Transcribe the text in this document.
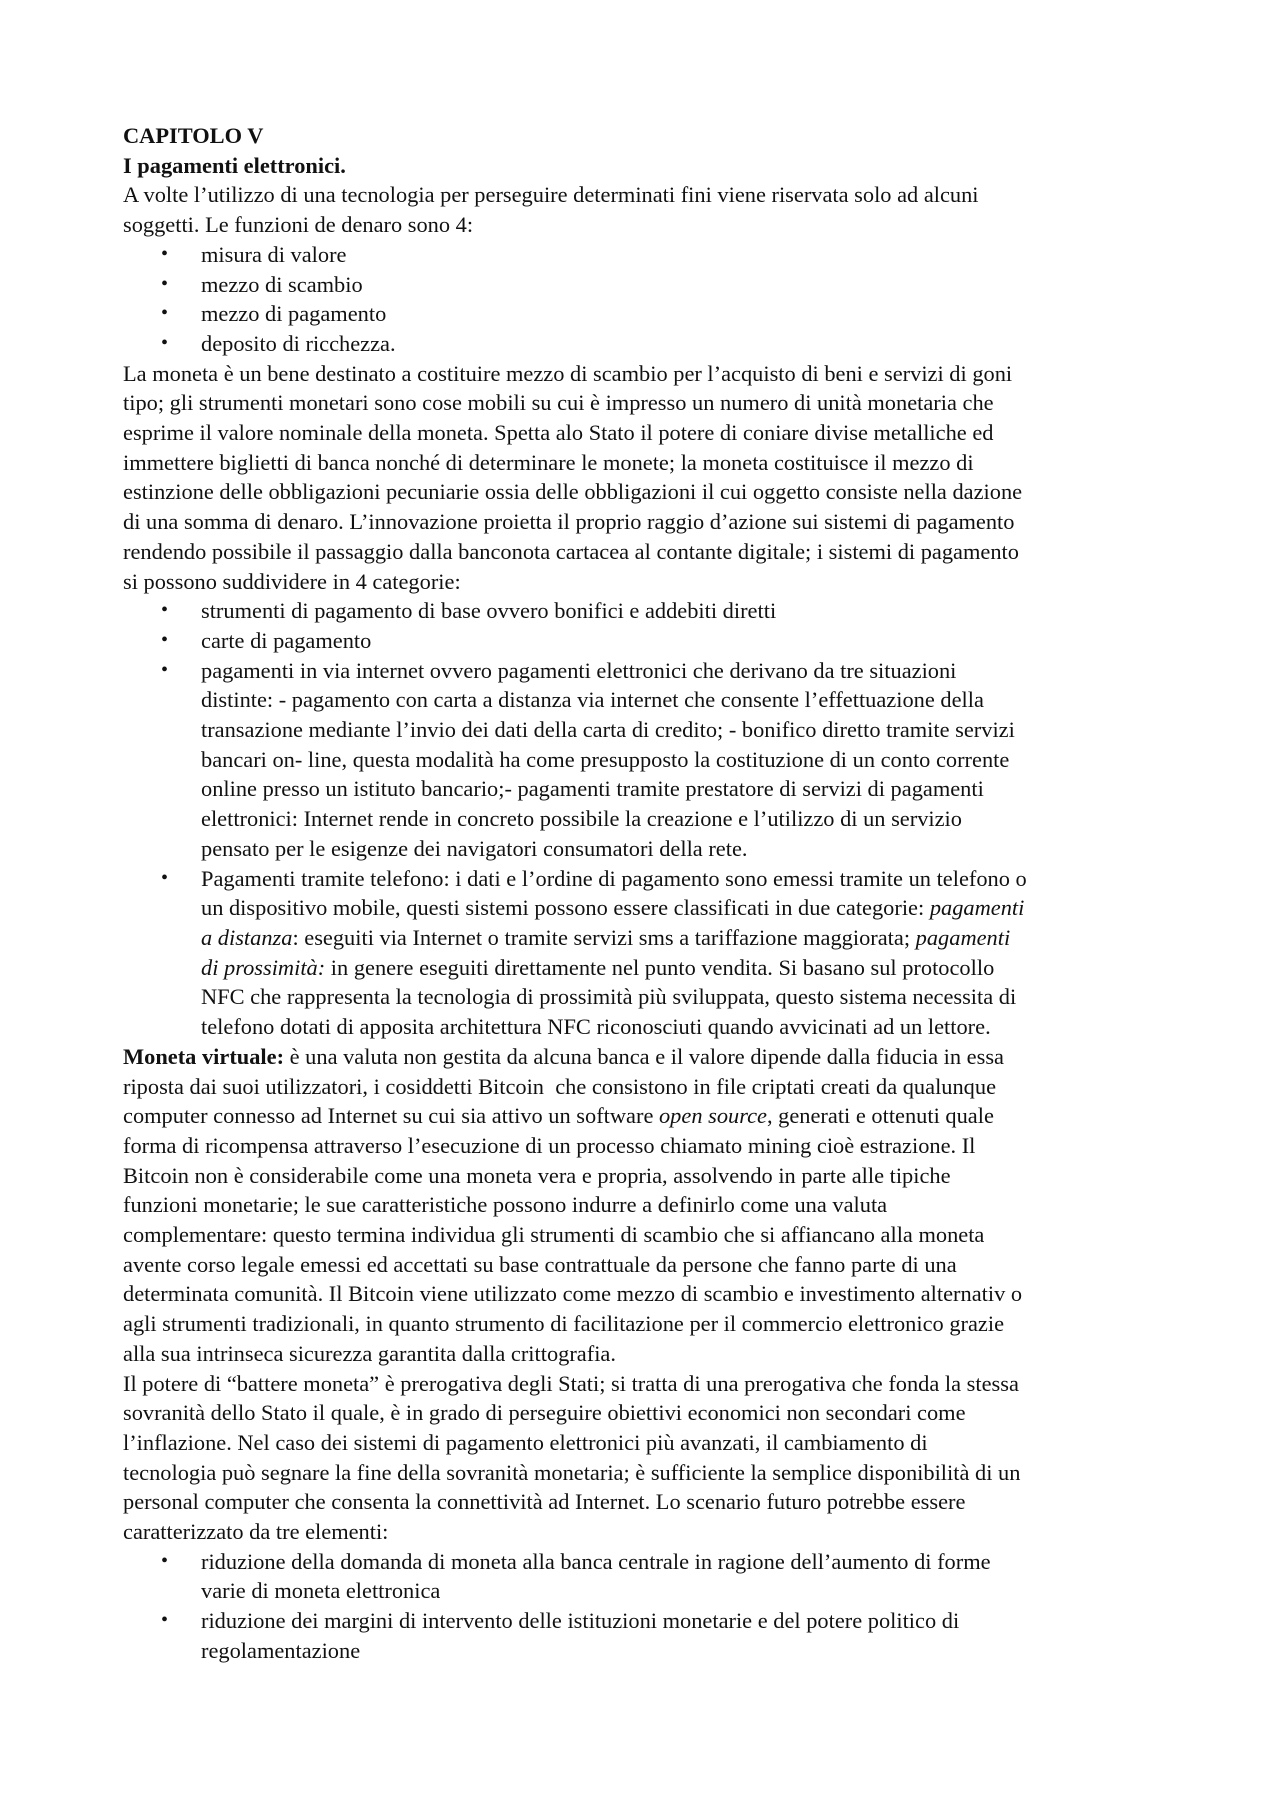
CAPITOLO V
I pagamenti elettronici.
A volte l’utilizzo di una tecnologia per perseguire determinati fini viene riservata solo ad alcuni
soggetti. Le funzioni de denaro sono 4:
• misura di valore
• mezzo di scambio
• mezzo di pagamento
• deposito di ricchezza.
La moneta è un bene destinato a costituire mezzo di scambio per l’acquisto di beni e servizi di goni
tipo; gli strumenti monetari sono cose mobili su cui è impresso un numero di unità monetaria che
esprime il valore nominale della moneta. Spetta alo Stato il potere di coniare divise metalliche ed
immettere biglietti di banca nonché di determinare le monete; la moneta costituisce il mezzo di
estinzione delle obbligazioni pecuniarie ossia delle obbligazioni il cui oggetto consiste nella dazione
di una somma di denaro. L’innovazione proietta il proprio raggio d’azione sui sistemi di pagamento
rendendo possibile il passaggio dalla banconota cartacea al contante digitale; i sistemi di pagamento
si possono suddividere in 4 categorie:
• strumenti di pagamento di base ovvero bonifici e addebiti diretti
• carte di pagamento
• pagamenti in via internet ovvero pagamenti elettronici che derivano da tre situazioni
distinte: - pagamento con carta a distanza via internet che consente l’effettuazione della
transazione mediante l’invio dei dati della carta di credito; - bonifico diretto tramite servizi
bancari on- line, questa modalità ha come presupposto la costituzione di un conto corrente
online presso un istituto bancario;- pagamenti tramite prestatore di servizi di pagamenti
elettronici: Internet rende in concreto possibile la creazione e l’utilizzo di un servizio
pensato per le esigenze dei navigatori consumatori della rete.
• Pagamenti tramite telefono: i dati e l’ordine di pagamento sono emessi tramite un telefono o
un dispositivo mobile, questi sistemi possono essere classificati in due categorie: pagamenti
a distanza: eseguiti via Internet o tramite servizi sms a tariffazione maggiorata; pagamenti
di prossimità: in genere eseguiti direttamente nel punto vendita. Si basano sul protocollo
NFC che rappresenta la tecnologia di prossimità più sviluppata, questo sistema necessita di
telefono dotati di apposita architettura NFC riconosciuti quando avvicinati ad un lettore.
Moneta virtuale: è una valuta non gestita da alcuna banca e il valore dipende dalla fiducia in essa
riposta dai suoi utilizzatori, i cosiddetti Bitcoin  che consistono in file criptati creati da qualunque
computer connesso ad Internet su cui sia attivo un software open source, generati e ottenuti quale
forma di ricompensa attraverso l’esecuzione di un processo chiamato mining cioè estrazione. Il
Bitcoin non è considerabile come una moneta vera e propria, assolvendo in parte alle tipiche
funzioni monetarie; le sue caratteristiche possono indurre a definirlo come una valuta
complementare: questo termina individua gli strumenti di scambio che si affiancano alla moneta
avente corso legale emessi ed accettati su base contrattuale da persone che fanno parte di una
determinata comunità. Il Bitcoin viene utilizzato come mezzo di scambio e investimento alternativ o
agli strumenti tradizionali, in quanto strumento di facilitazione per il commercio elettronico grazie
alla sua intrinseca sicurezza garantita dalla crittografia.
Il potere di “battere moneta” è prerogativa degli Stati; si tratta di una prerogativa che fonda la stessa
sovranità dello Stato il quale, è in grado di perseguire obiettivi economici non secondari come
l’inflazione. Nel caso dei sistemi di pagamento elettronici più avanzati, il cambiamento di
tecnologia può segnare la fine della sovranità monetaria; è sufficiente la semplice disponibilità di un
personal computer che consenta la connettività ad Internet. Lo scenario futuro potrebbe essere
caratterizzato da tre elementi:
• riduzione della domanda di moneta alla banca centrale in ragione dell’aumento di forme
varie di moneta elettronica
• riduzione dei margini di intervento delle istituzioni monetarie e del potere politico di
regolamentazione
